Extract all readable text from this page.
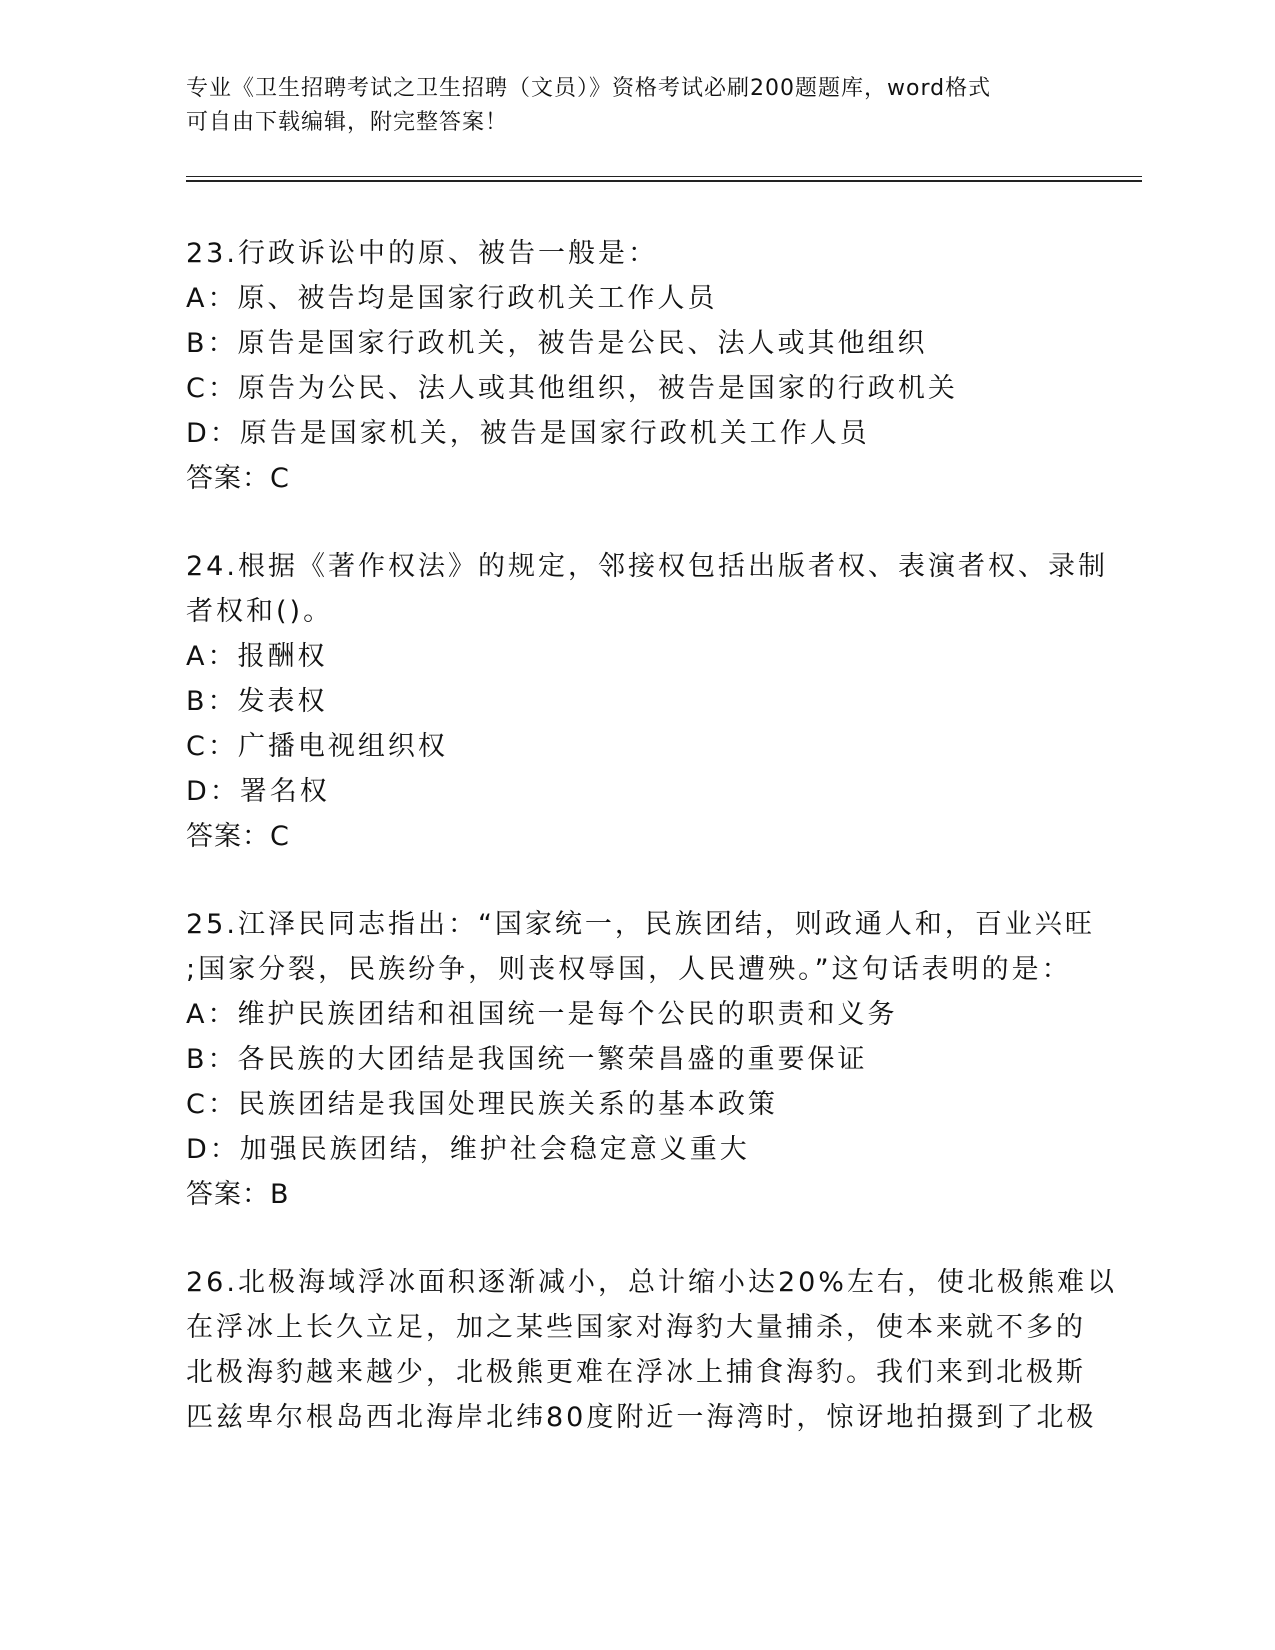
专业《卫生招聘考试之卫生招聘（文员）》资格考试必刷200题题库，word格式

可自由下载编辑，附完整答案！

23.行政诉讼中的原、被告一般是：

A：原、被告均是国家行政机关工作人员

B：原告是国家行政机关，被告是公民、法人或其他组织

C：原告为公民、法人或其他组织，被告是国家的行政机关

D：原告是国家机关，被告是国家行政机关工作人员

答案：C

24.根据《著作权法》的规定，邻接权包括出版者权、表演者权、录制

者权和()。

A：报酬权

B：发表权

C：广播电视组织权

D：署名权

答案：C

25.江泽民同志指出：“国家统一，民族团结，则政通人和，百业兴旺

;国家分裂，民族纷争，则丧权辱国，人民遭殃。”这句话表明的是：

A：维护民族团结和祖国统一是每个公民的职责和义务

B：各民族的大团结是我国统一繁荣昌盛的重要保证

C：民族团结是我国处理民族关系的基本政策

D：加强民族团结，维护社会稳定意义重大

答案：B

26.北极海域浮冰面积逐渐减小，总计缩小达20%左右，使北极熊难以

在浮冰上长久立足，加之某些国家对海豹大量捕杀，使本来就不多的

北极海豹越来越少，北极熊更难在浮冰上捕食海豹。我们来到北极斯

匹兹卑尔根岛西北海岸北纬80度附近一海湾时，惊讶地拍摄到了北极
